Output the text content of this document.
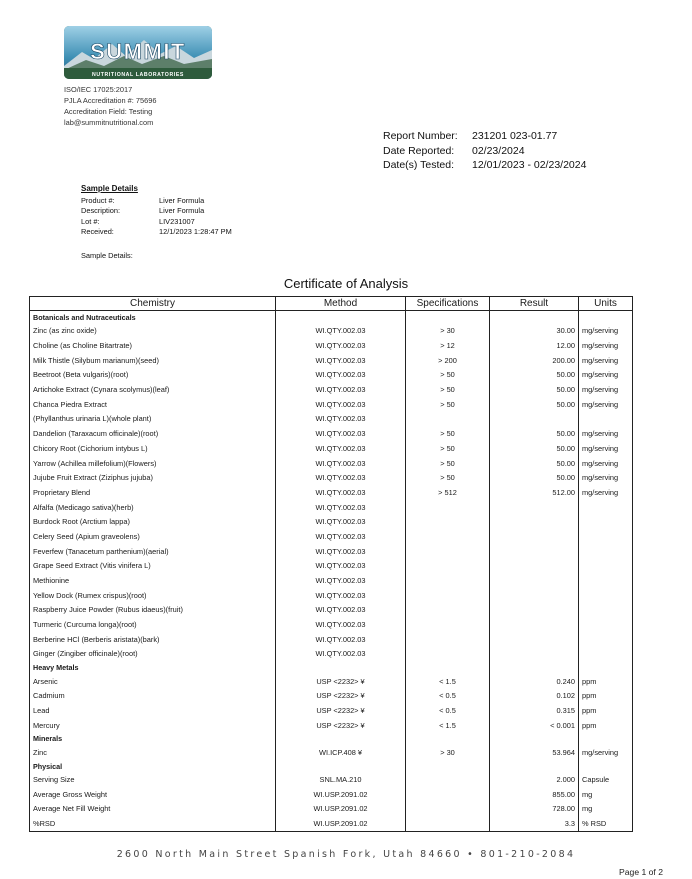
SUMMIT
NUTRITIONAL LABORATORIES
ISO/IEC 17025:2017
PJLA Accreditation #: 75696
Accreditation Field: Testing
lab@summitnutritional.com
Report Number:	231201 023-01.77
Date Reported:	02/23/2024
Date(s) Tested:	12/01/2023 - 02/23/2024
Sample Details
Product #:	Liver Formula
Description:	Liver Formula
Lot #:	LIV231007
Received:	12/1/2023 1:28:47 PM
Sample Details:
Certificate of Analysis
Chemistry	Method	Specifications	Result	Units
Botanicals and Nutraceuticals				
Zinc (as zinc oxide)	WI.QTY.002.03	> 30	30.00	mg/serving
Choline (as Choline Bitartrate)	WI.QTY.002.03	> 12	12.00	mg/serving
Milk Thistle (Silybum marianum)(seed)	WI.QTY.002.03	> 200	200.00	mg/serving
Beetroot (Beta vulgaris)(root)	WI.QTY.002.03	> 50	50.00	mg/serving
Artichoke Extract (Cynara scolymus)(leaf)	WI.QTY.002.03	> 50	50.00	mg/serving
Chanca Piedra Extract	WI.QTY.002.03	> 50	50.00	mg/serving
(Phyllanthus urinaria L)(whole plant)	WI.QTY.002.03			
Dandelion (Taraxacum officinale)(root)	WI.QTY.002.03	> 50	50.00	mg/serving
Chicory Root (Cichorium intybus L)	WI.QTY.002.03	> 50	50.00	mg/serving
Yarrow (Achillea millefolium)(Flowers)	WI.QTY.002.03	> 50	50.00	mg/serving
Jujube Fruit Extract (Ziziphus jujuba)	WI.QTY.002.03	> 50	50.00	mg/serving
Proprietary Blend	WI.QTY.002.03	> 512	512.00	mg/serving
Alfalfa (Medicago sativa)(herb)	WI.QTY.002.03			
Burdock Root (Arctium lappa)	WI.QTY.002.03			
Celery Seed (Apium graveolens)	WI.QTY.002.03			
Feverfew (Tanacetum parthenium)(aerial)	WI.QTY.002.03			
Grape Seed Extract (Vitis vinifera L)	WI.QTY.002.03			
Methionine	WI.QTY.002.03			
Yellow Dock (Rumex crispus)(root)	WI.QTY.002.03			
Raspberry Juice Powder (Rubus idaeus)(fruit)	WI.QTY.002.03			
Turmeric (Curcuma longa)(root)	WI.QTY.002.03			
Berberine HCl (Berberis aristata)(bark)	WI.QTY.002.03			
Ginger (Zingiber officinale)(root)	WI.QTY.002.03			
Heavy Metals				
Arsenic	USP <2232> ¥	< 1.5	0.240	ppm
Cadmium	USP <2232> ¥	< 0.5	0.102	ppm
Lead	USP <2232> ¥	< 0.5	0.315	ppm
Mercury	USP <2232> ¥	< 1.5	< 0.001	ppm
Minerals				
Zinc	WI.ICP.408 ¥	> 30	53.964	mg/serving
Physical				
Serving Size	SNL.MA.210		2.000	Capsule
Average Gross Weight	WI.USP.2091.02		855.00	mg
Average Net Fill Weight	WI.USP.2091.02		728.00	mg
%RSD	WI.USP.2091.02		3.3	% RSD
2600 North Main Street Spanish Fork, Utah 84660 • 801-210-2084
Page 1 of 2
